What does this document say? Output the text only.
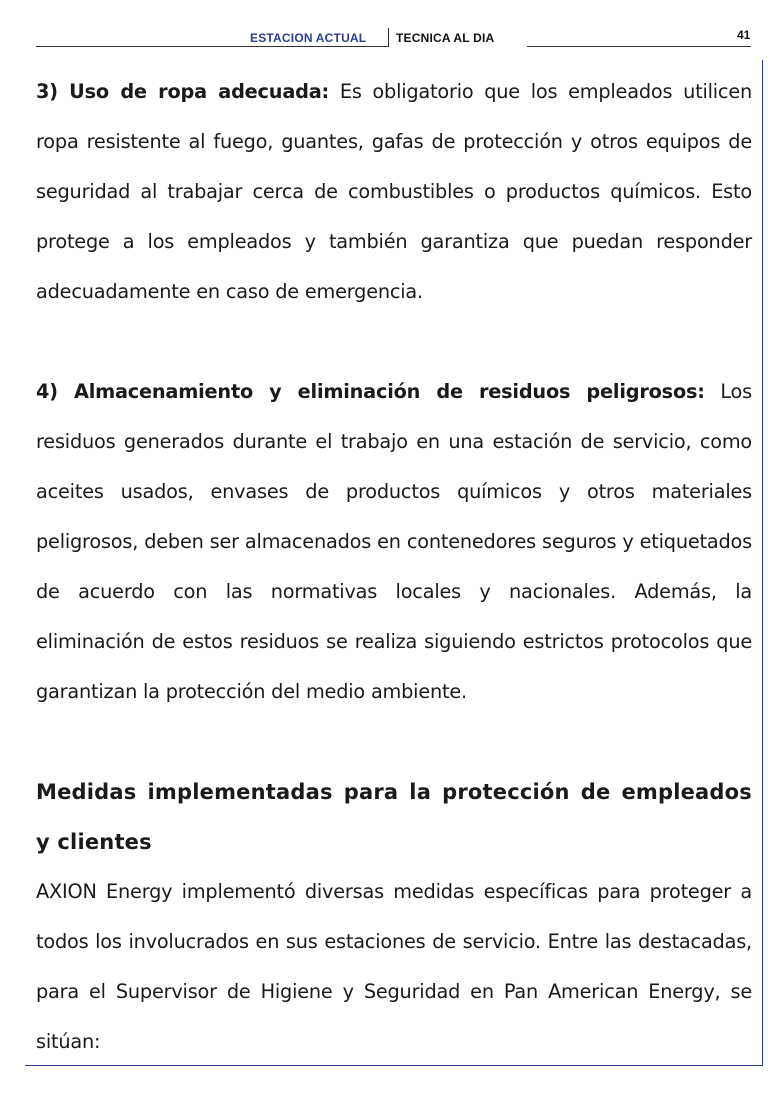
ESTACION ACTUAL TECNICA AL DIA	41

3) Uso de ropa adecuada: Es obligatorio que los empleados utilicen ropa resistente al fuego, guantes, gafas de protección y otros equipos de seguridad al trabajar cerca de combustibles o productos químicos. Esto protege a los empleados y también garantiza que puedan responder adecuadamente en caso de emergencia.

4) Almacenamiento y eliminación de residuos peligrosos: Los residuos generados durante el trabajo en una estación de servicio, como aceites usados, envases de productos químicos y otros materiales peligrosos, deben ser almacenados en contenedores seguros y etiquetados de acuerdo con las normativas locales y nacionales. Además, la eliminación de estos residuos se realiza siguiendo estrictos protocolos que garantizan la protección del medio ambiente.

Medidas implementadas para la protección de empleados y clientes

AXION Energy implementó diversas medidas específicas para proteger a todos los involucrados en sus estaciones de servicio. Entre las destacadas, para el Supervisor de Higiene y Seguridad en Pan American Energy, se sitúan:
